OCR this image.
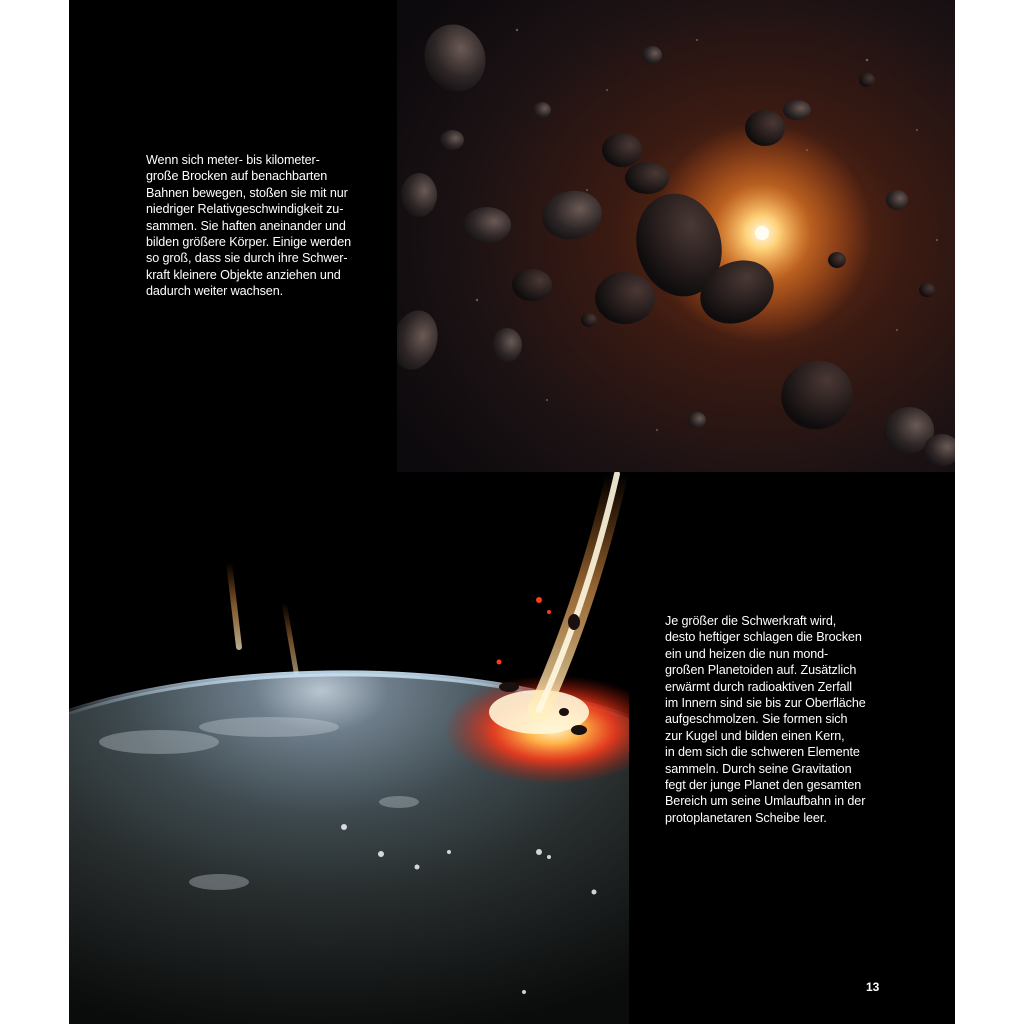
Wenn sich meter- bis kilometer-
große Brocken auf benachbarten
Bahnen bewegen, stoßen sie mit nur
niedriger Relativgeschwindigkeit zu-
sammen. Sie haften aneinander und
bilden größere Körper. Einige werden
so groß, dass sie durch ihre Schwer-
kraft kleinere Objekte anziehen und
dadurch weiter wachsen.
Je größer die Schwerkraft wird,
desto heftiger schlagen die Brocken
ein und heizen die nun mond-
großen Planetoiden auf. Zusätzlich
erwärmt durch radioaktiven Zerfall
im Innern sind sie bis zur Oberfläche
aufgeschmolzen. Sie formen sich
zur Kugel und bilden einen Kern,
in dem sich die schweren Elemente
sammeln. Durch seine Gravitation
fegt der junge Planet den gesamten
Bereich um seine Umlaufbahn in der
protoplanetaren Scheibe leer.
13
